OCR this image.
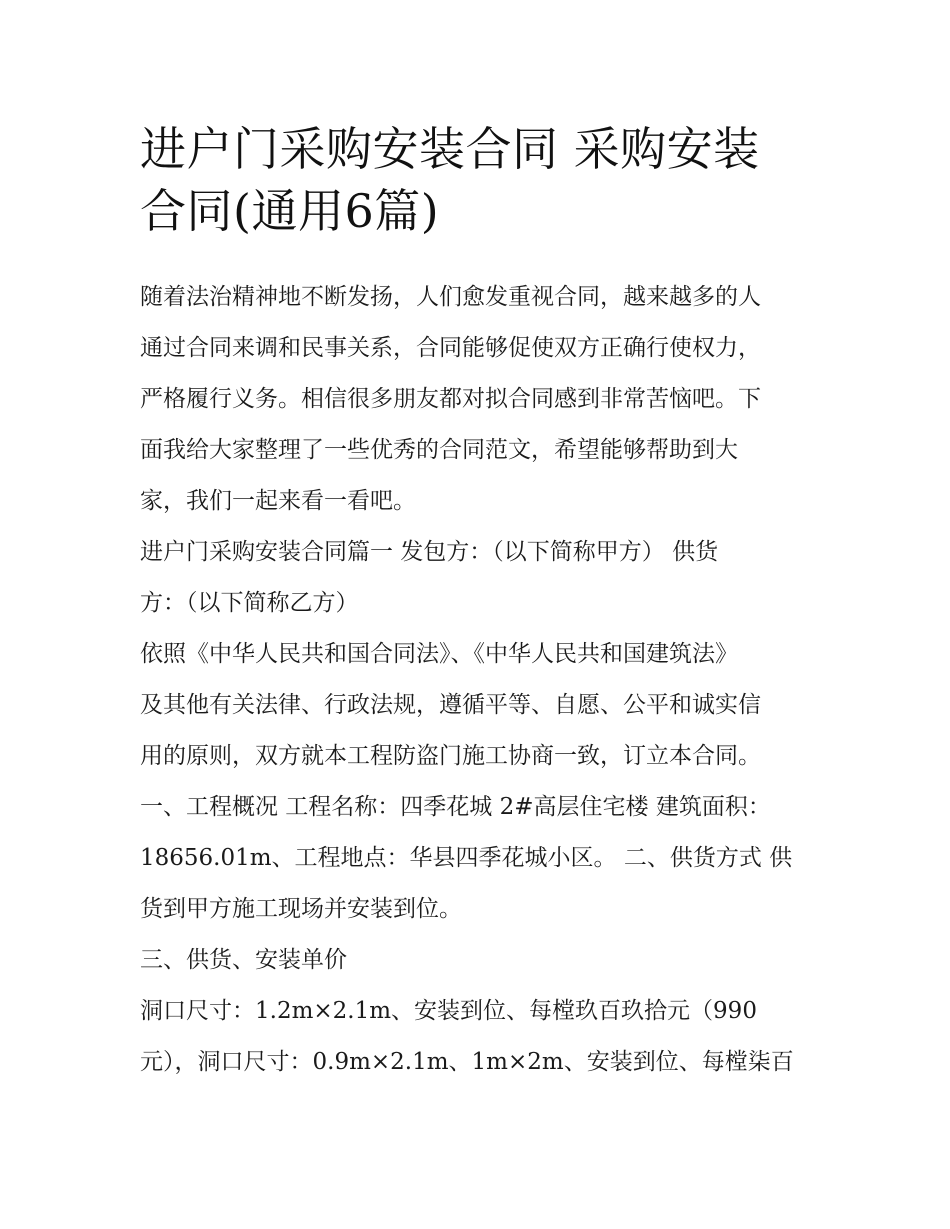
进户门采购安装合同 采购安装
合同(通用6篇)

随着法治精神地不断发扬，人们愈发重视合同，越来越多的人
通过合同来调和民事关系，合同能够促使双方正确行使权力，
严格履行义务。相信很多朋友都对拟合同感到非常苦恼吧。下
面我给大家整理了一些优秀的合同范文，希望能够帮助到大
家，我们一起来看一看吧。

进户门采购安装合同篇一 发包方：（以下简称甲方） 供货
方：（以下简称乙方）

依照《中华人民共和国合同法》、《中华人民共和国建筑法》
及其他有关法律、行政法规，遵循平等、自愿、公平和诚实信
用的原则，双方就本工程防盗门施工协商一致，订立本合同。
一、工程概况 工程名称：四季花城 2#高层住宅楼 建筑面积：
18656.01m、工程地点：华县四季花城小区。 二、供货方式 供
货到甲方施工现场并安装到位。

三、供货、安装单价

洞口尺寸：1.2m×2.1m、安装到位、每樘玖百玖拾元（990
元），洞口尺寸：0.9m×2.1m、1m×2m、安装到位、每樘柒百
